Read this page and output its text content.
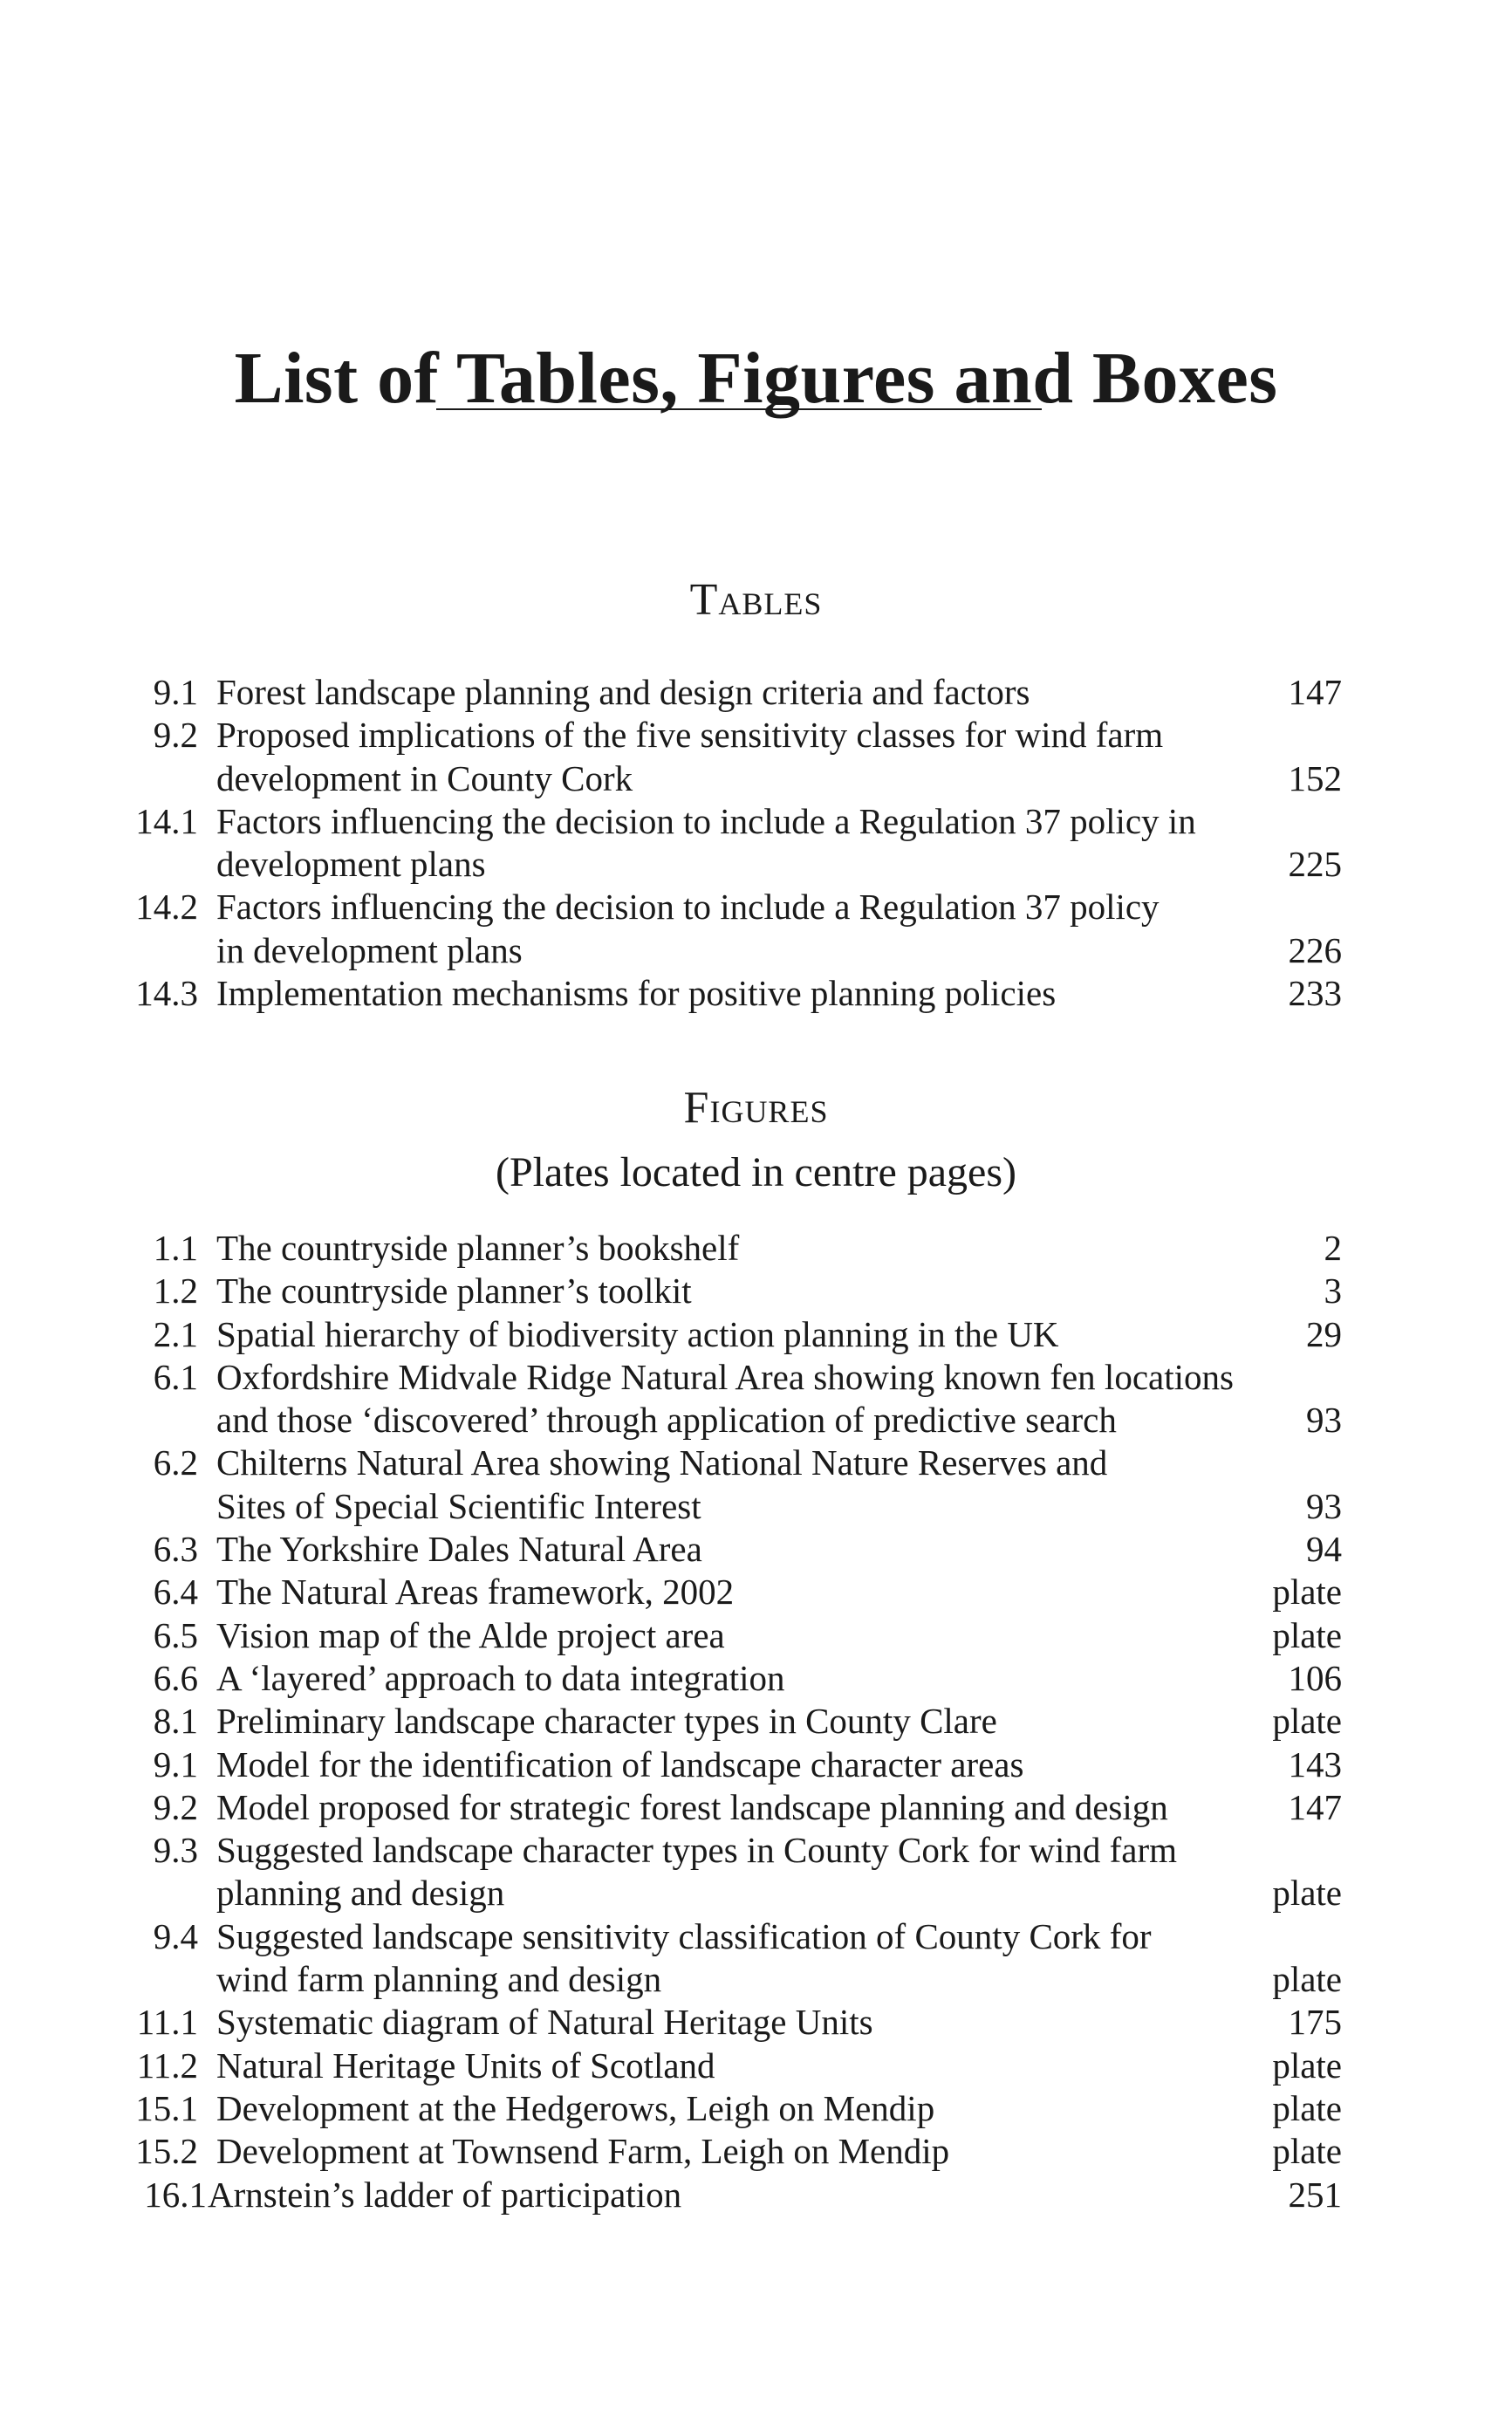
List of Tables, Figures and Boxes
Tables
9.1 Forest landscape planning and design criteria and factors	147
9.2 Proposed implications of the five sensitivity classes for wind farm
development in County Cork	152
14.1 Factors influencing the decision to include a Regulation 37 policy in
development plans	225
14.2 Factors influencing the decision to include a Regulation 37 policy
in development plans	226
14.3 Implementation mechanisms for positive planning policies	233
Figures
(Plates located in centre pages)
1.1 The countryside planner’s bookshelf	2
1.2 The countryside planner’s toolkit	3
2.1 Spatial hierarchy of biodiversity action planning in the UK	29
6.1 Oxfordshire Midvale Ridge Natural Area showing known fen locations
and those ‘discovered’ through application of predictive search	93
6.2 Chilterns Natural Area showing National Nature Reserves and
Sites of Special Scientific Interest	93
6.3 The Yorkshire Dales Natural Area	94
6.4 The Natural Areas framework, 2002	plate
6.5 Vision map of the Alde project area	plate
6.6 A ‘layered’ approach to data integration	106
8.1 Preliminary landscape character types in County Clare	plate
9.1 Model for the identification of landscape character areas	143
9.2 Model proposed for strategic forest landscape planning and design	147
9.3 Suggested landscape character types in County Cork for wind farm
planning and design	plate
9.4 Suggested landscape sensitivity classification of County Cork for
wind farm planning and design	plate
11.1 Systematic diagram of Natural Heritage Units	175
11.2 Natural Heritage Units of Scotland	plate
15.1 Development at the Hedgerows, Leigh on Mendip	plate
15.2 Development at Townsend Farm, Leigh on Mendip	plate
16.1 Arnstein’s ladder of participation	251
